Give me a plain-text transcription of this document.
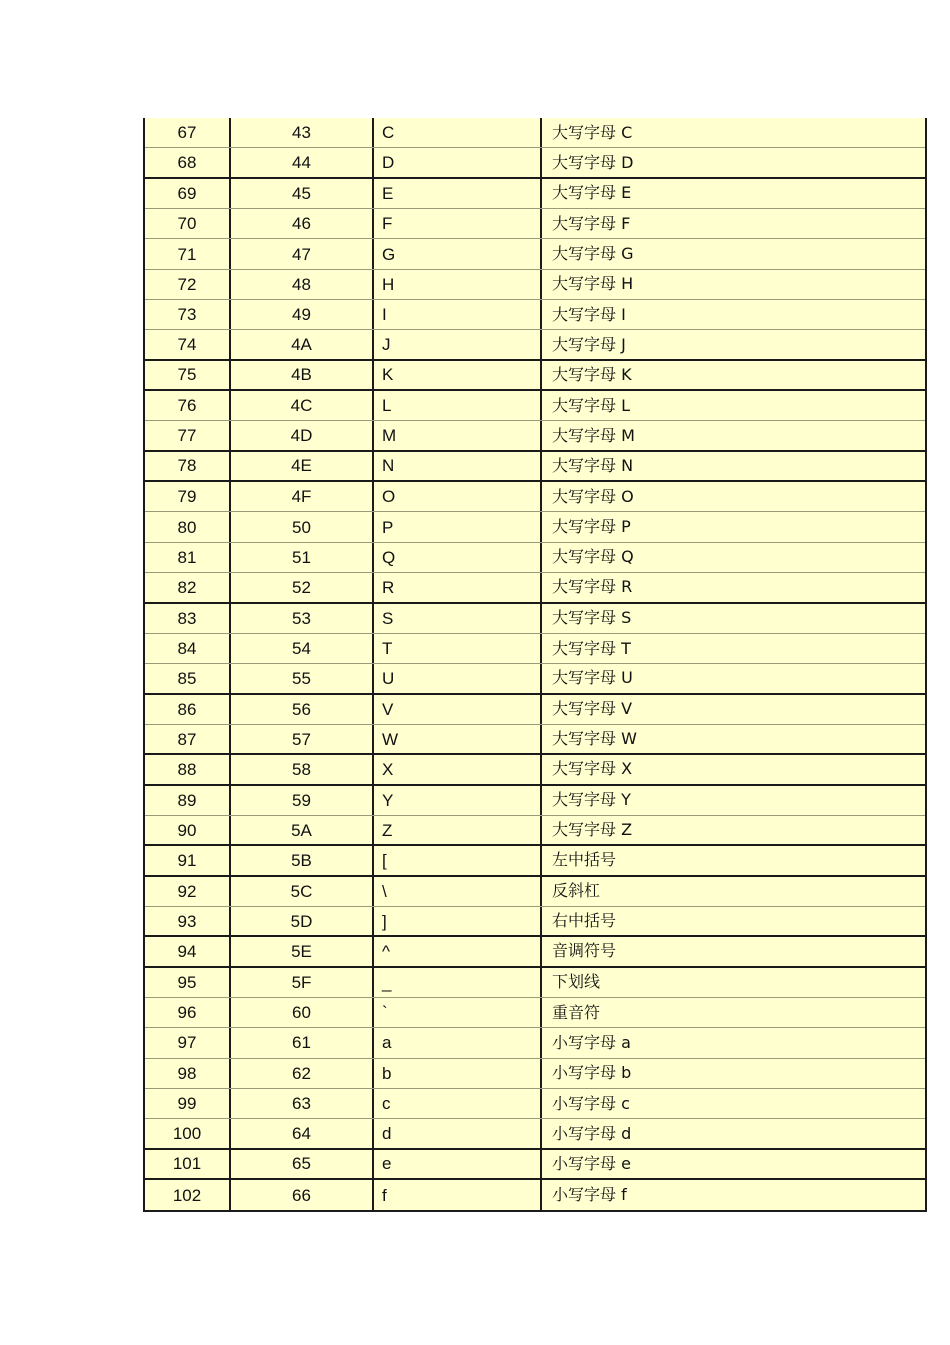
67	43	C	大写字母 C
68	44	D	大写字母 D
69	45	E	大写字母 E
70	46	F	大写字母 F
71	47	G	大写字母 G
72	48	H	大写字母 H
73	49	I	大写字母 I
74	4A	J	大写字母 J
75	4B	K	大写字母 K
76	4C	L	大写字母 L
77	4D	M	大写字母 M
78	4E	N	大写字母 N
79	4F	O	大写字母 O
80	50	P	大写字母 P
81	51	Q	大写字母 Q
82	52	R	大写字母 R
83	53	S	大写字母 S
84	54	T	大写字母 T
85	55	U	大写字母 U
86	56	V	大写字母 V
87	57	W	大写字母 W
88	58	X	大写字母 X
89	59	Y	大写字母 Y
90	5A	Z	大写字母 Z
91	5B	[	左中括号
92	5C	\	反斜杠
93	5D	]	右中括号
94	5E	^	音调符号
95	5F	_	下划线
96	60	`	重音符
97	61	a	小写字母 a
98	62	b	小写字母 b
99	63	c	小写字母 c
100	64	d	小写字母 d
101	65	e	小写字母 e
102	66	f	小写字母 f
